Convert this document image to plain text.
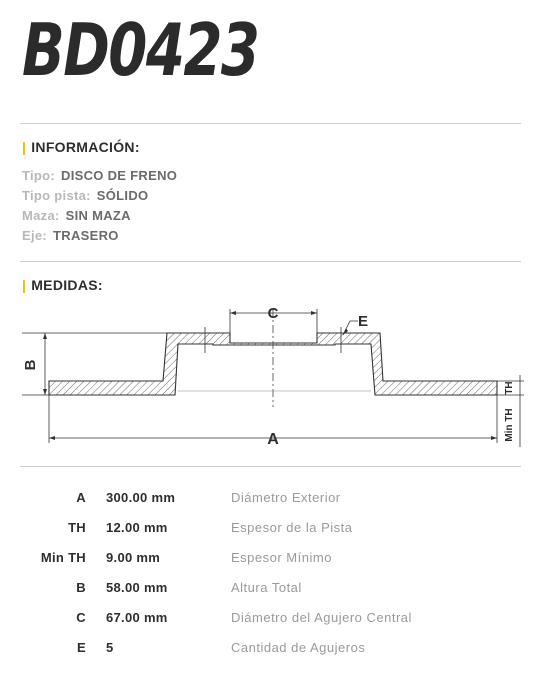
BD0423
| INFORMACIÓN:
Tipo: DISCO DE FRENO
Tipo pista: SÓLIDO
Maza: SIN MAZA
Eje: TRASERO
| MEDIDAS:
C	E
B
A
TH
Min TH
A 300.00 mm	Diámetro Exterior
TH 12.00 mm	Espesor de la Pista
Min TH 9.00 mm	Espesor Mínimo
B 58.00 mm	Altura Total
C 67.00 mm	Diámetro del Agujero Central
E 5	Cantidad de Agujeros
